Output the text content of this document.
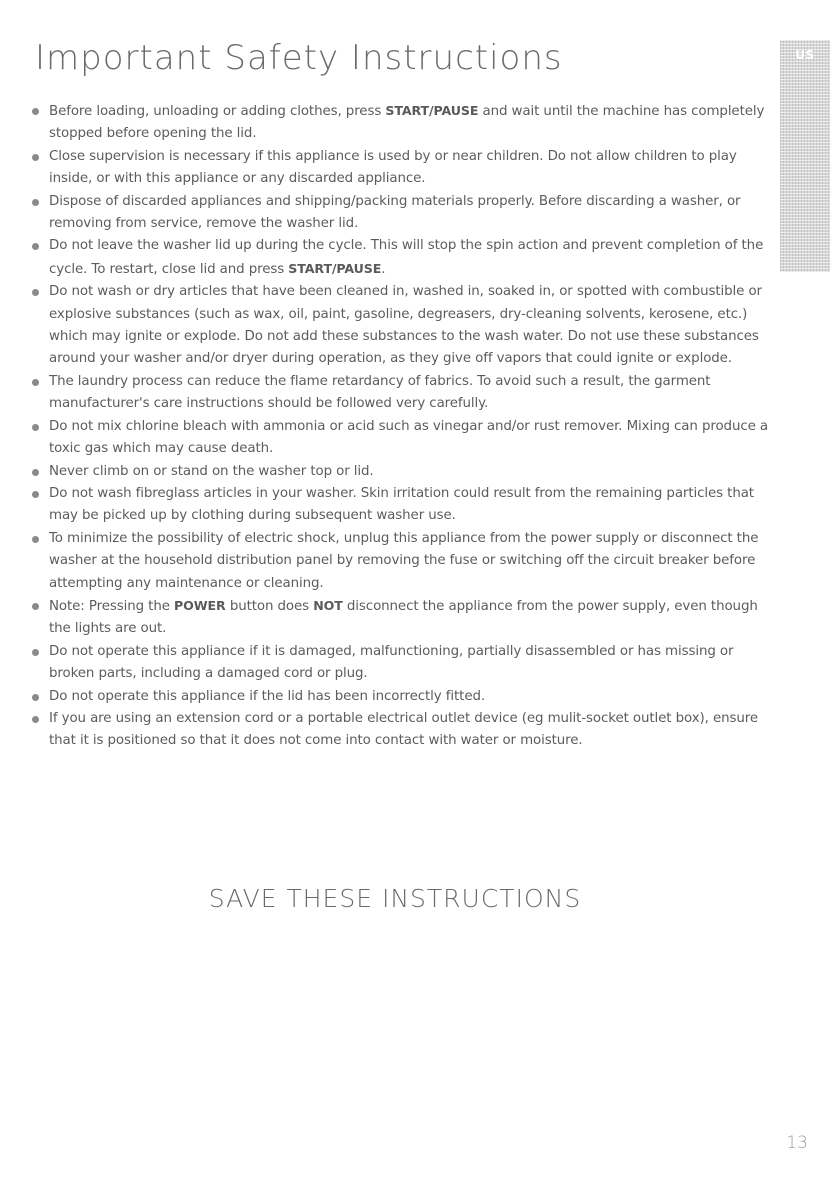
Important Safety Instructions	US
Before loading, unloading or adding clothes, press START/PAUSE and wait until the machine has completely stopped before opening the lid.
Close supervision is necessary if this appliance is used by or near children. Do not allow children to play inside, or with this appliance or any discarded appliance.
Dispose of discarded appliances and shipping/packing materials properly. Before discarding a washer, or removing from service, remove the washer lid.
Do not leave the washer lid up during the cycle. This will stop the spin action and prevent completion of the cycle. To restart, close lid and press START/PAUSE.
Do not wash or dry articles that have been cleaned in, washed in, soaked in, or spotted with combustible or explosive substances (such as wax, oil, paint, gasoline, degreasers, dry-cleaning solvents, kerosene, etc.) which may ignite or explode. Do not add these substances to the wash water. Do not use these substances around your washer and/or dryer during operation, as they give off vapors that could ignite or explode.
The laundry process can reduce the flame retardancy of fabrics. To avoid such a result, the garment manufacturer's care instructions should be followed very carefully.
Do not mix chlorine bleach with ammonia or acid such as vinegar and/or rust remover. Mixing can produce a toxic gas which may cause death.
Never climb on or stand on the washer top or lid.
Do not wash fibreglass articles in your washer. Skin irritation could result from the remaining particles that may be picked up by clothing during subsequent washer use.
To minimize the possibility of electric shock, unplug this appliance from the power supply or disconnect the washer at the household distribution panel by removing the fuse or switching off the circuit breaker before attempting any maintenance or cleaning.
Note: Pressing the POWER button does NOT disconnect the appliance from the power supply, even though the lights are out.
Do not operate this appliance if it is damaged, malfunctioning, partially disassembled or has missing or broken parts, including a damaged cord or plug.
Do not operate this appliance if the lid has been incorrectly fitted.
If you are using an extension cord or a portable electrical outlet device (eg mulit-socket outlet box), ensure that it is positioned so that it does not come into contact with water or moisture.
SAVE THESE INSTRUCTIONS
13
